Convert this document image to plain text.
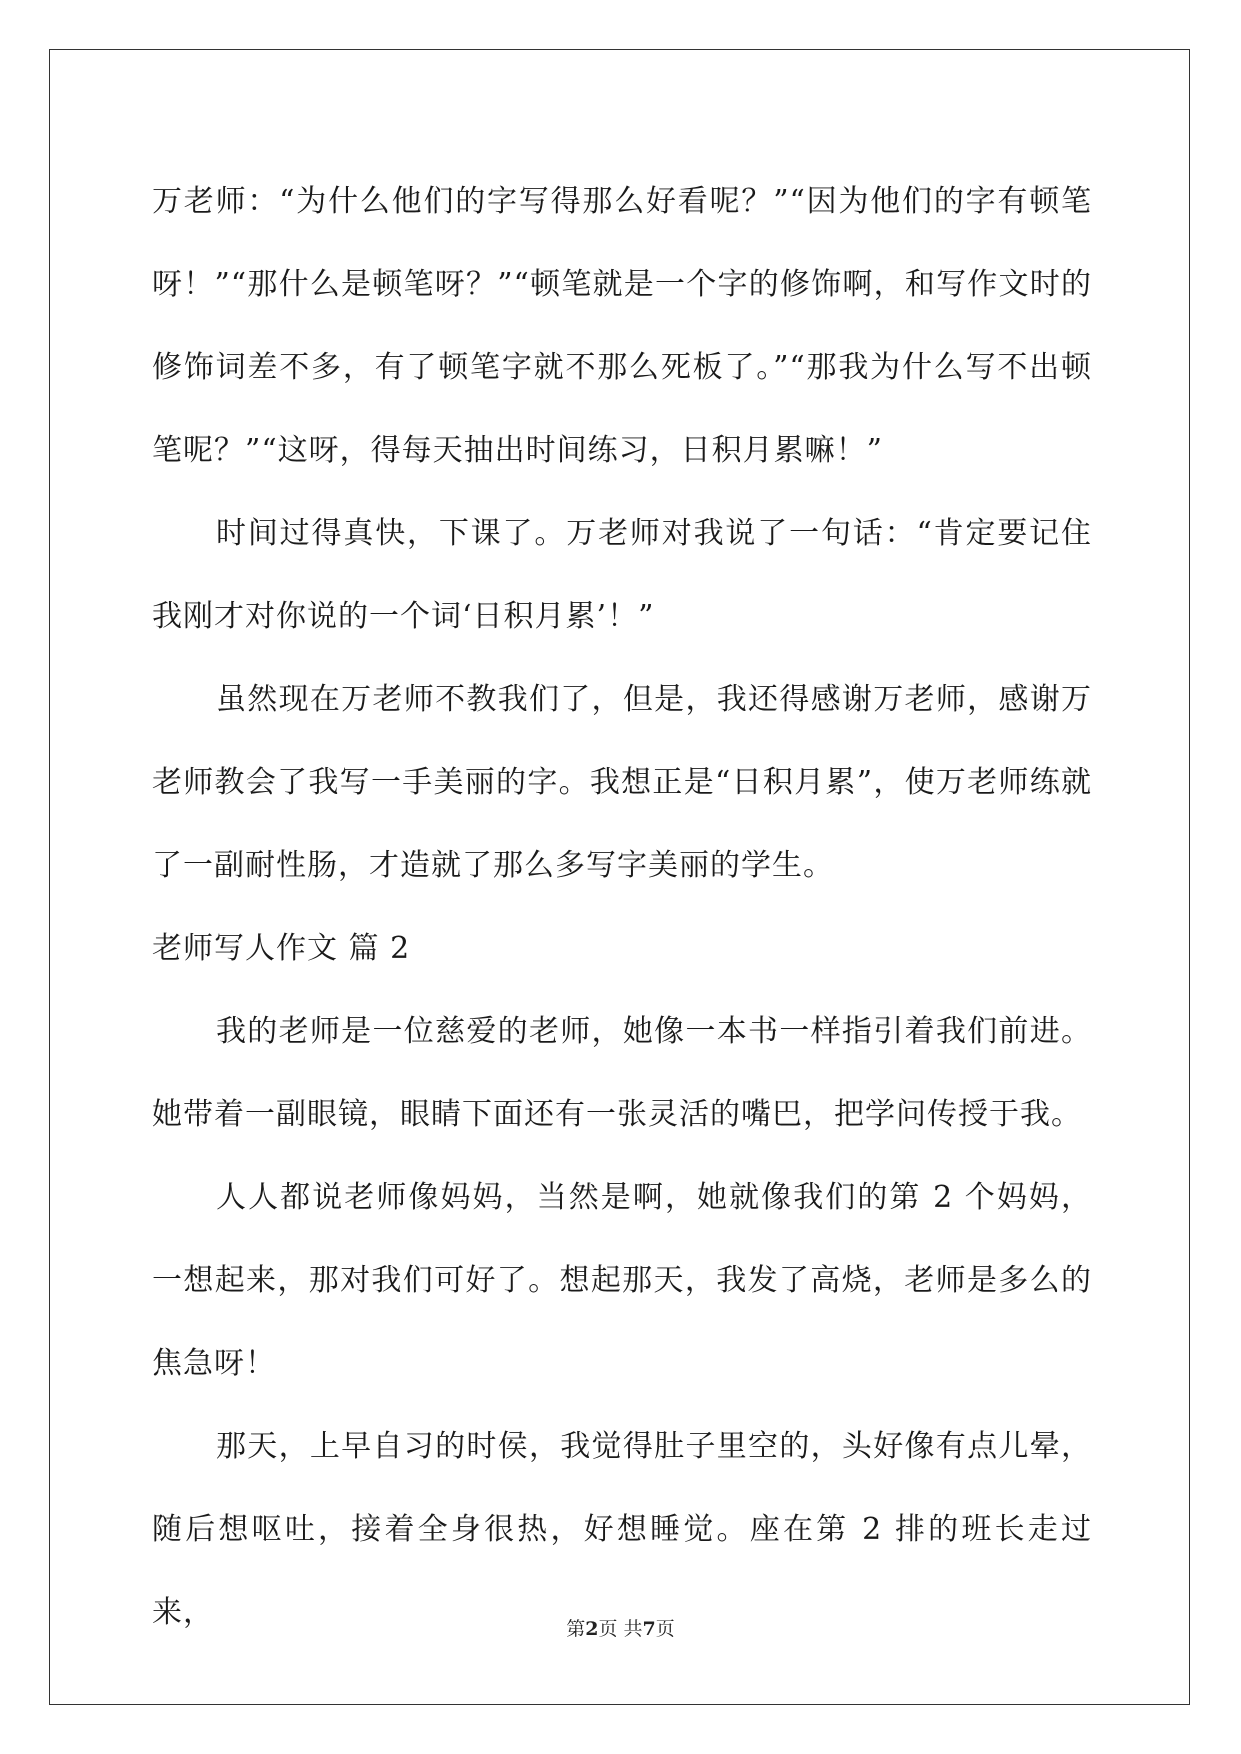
万老师：“为什么他们的字写得那么好看呢？”“因为他们的字有顿笔呀！”“那什么是顿笔呀？”“顿笔就是一个字的修饰啊，和写作文时的修饰词差不多，有了顿笔字就不那么死板了。”“那我为什么写不出顿笔呢？”“这呀，得每天抽出时间练习，日积月累嘛！”

时间过得真快，下课了。万老师对我说了一句话：“肯定要记住我刚才对你说的一个词‘日积月累’！”

虽然现在万老师不教我们了，但是，我还得感谢万老师，感谢万老师教会了我写一手美丽的字。我想正是“日积月累”，使万老师练就了一副耐性肠，才造就了那么多写字美丽的学生。

老师写人作文 篇 2

我的老师是一位慈爱的老师，她像一本书一样指引着我们前进。她带着一副眼镜，眼睛下面还有一张灵活的嘴巴，把学问传授于我。

人人都说老师像妈妈，当然是啊，她就像我们的第 2 个妈妈，一想起来，那对我们可好了。想起那天，我发了高烧，老师是多么的焦急呀！

那天，上早自习的时侯，我觉得肚子里空的，头好像有点儿晕，随后想呕吐，接着全身很热，好想睡觉。座在第 2 排的班长走过来，	第2页 共7页
